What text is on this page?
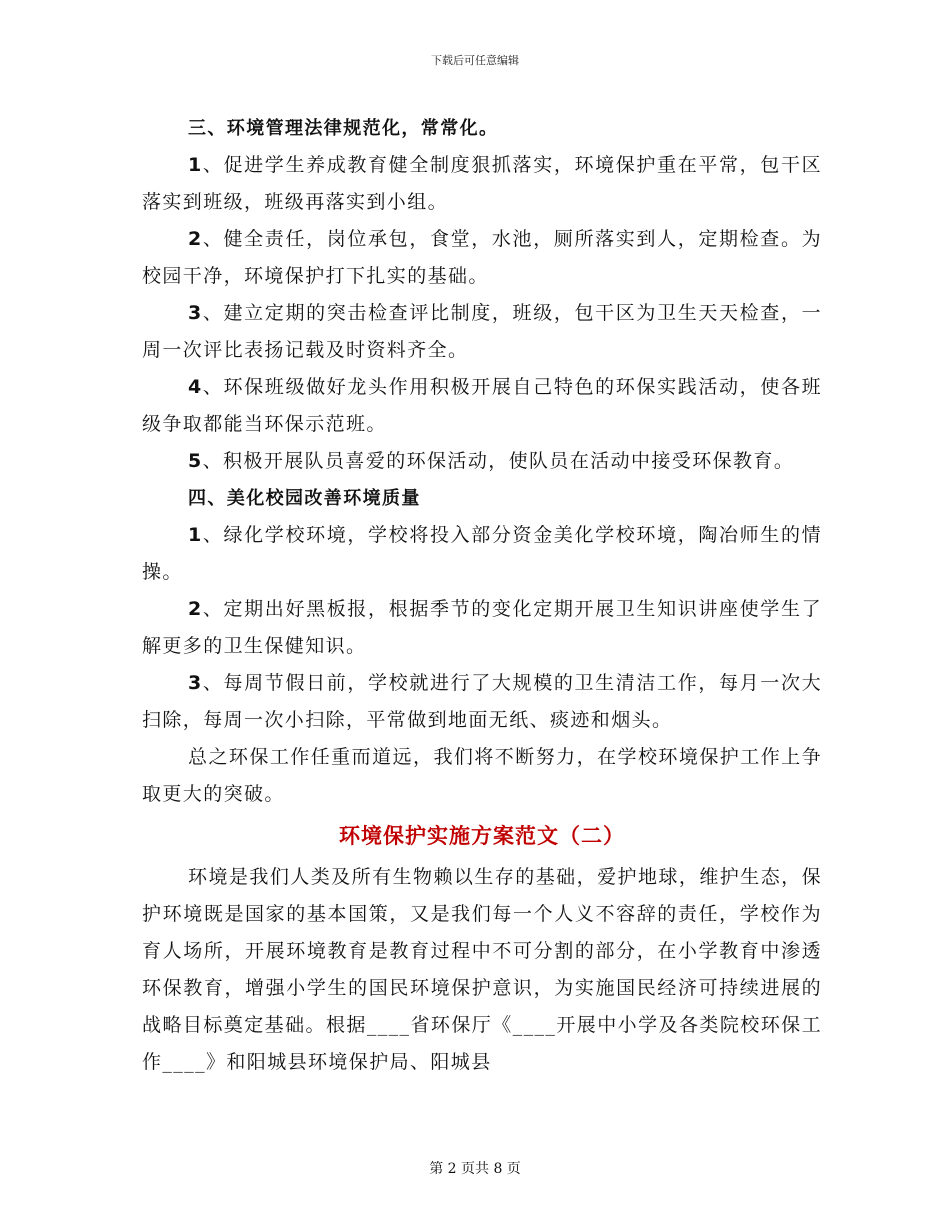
下载后可任意编辑

三、环境管理法律规范化，常常化。

1、促进学生养成教育健全制度狠抓落实，环境保护重在平常，包干区落实到班级，班级再落实到小组。

2、健全责任，岗位承包，食堂，水池，厕所落实到人，定期检查。为校园干净，环境保护打下扎实的基础。

3、建立定期的突击检查评比制度，班级，包干区为卫生天天检查，一周一次评比表扬记载及时资料齐全。

4、环保班级做好龙头作用积极开展自己特色的环保实践活动，使各班级争取都能当环保示范班。

5、积极开展队员喜爱的环保活动，使队员在活动中接受环保教育。

四、美化校园改善环境质量

1、绿化学校环境，学校将投入部分资金美化学校环境，陶冶师生的情操。

2、定期出好黑板报，根据季节的变化定期开展卫生知识讲座使学生了解更多的卫生保健知识。

3、每周节假日前，学校就进行了大规模的卫生清洁工作，每月一次大扫除，每周一次小扫除，平常做到地面无纸、痰迹和烟头。

总之环保工作任重而道远，我们将不断努力，在学校环境保护工作上争取更大的突破。

环境保护实施方案范文（二）

环境是我们人类及所有生物赖以生存的基础，爱护地球，维护生态，保护环境既是国家的基本国策，又是我们每一个人义不容辞的责任，学校作为育人场所，开展环境教育是教育过程中不可分割的部分，在小学教育中渗透环保教育，增强小学生的国民环境保护意识，为实施国民经济可持续进展的战略目标奠定基础。根据____省环保厅《____开展中小学及各类院校环保工作____》和阳城县环境保护局、阳城县

第 2 页共 8 页
